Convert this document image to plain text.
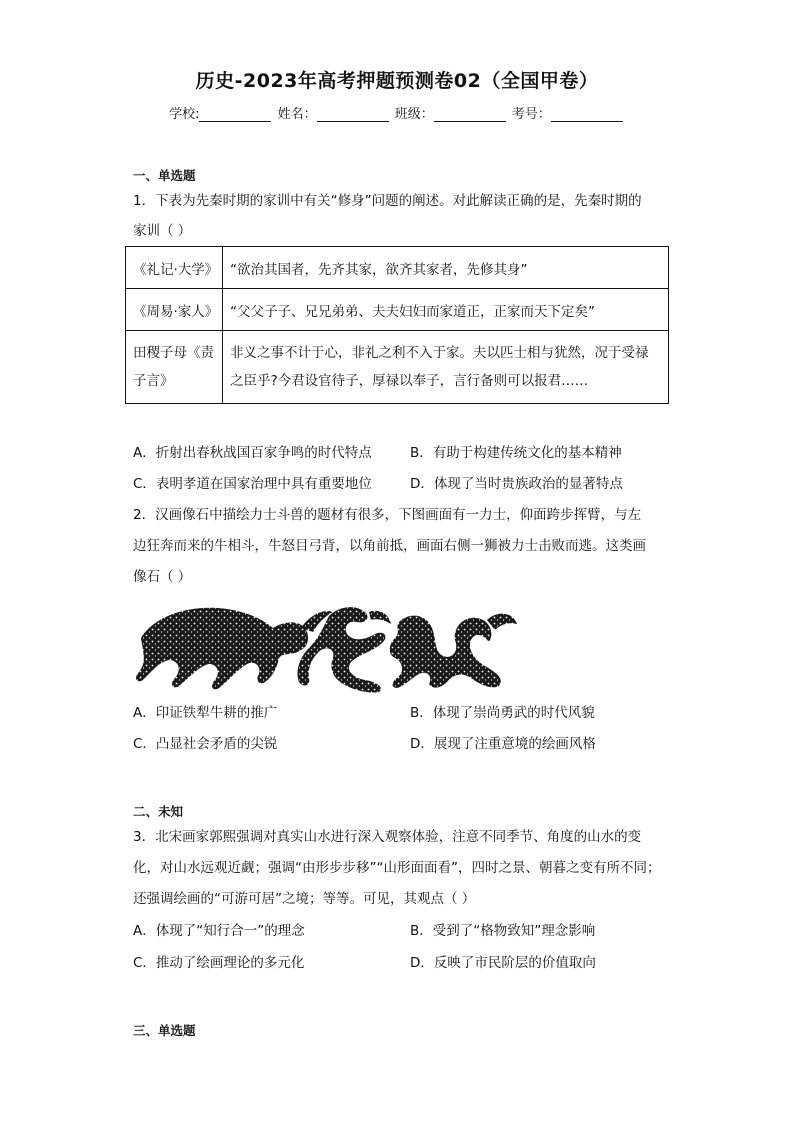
历史-2023年高考押题预测卷02（全国甲卷）
学校:	姓名：	班级：	考号：
一、单选题
1．下表为先秦时期的家训中有关“修身”问题的阐述。对此解读正确的是，先秦时期的
家训（ ）
《礼记·大学》	“欲治其国者，先齐其家，欲齐其家者，先修其身”
《周易·家人》	“父父子子、兄兄弟弟、夫夫妇妇而家道正，正家而天下定矣”
田稷子母《责子言》	非义之事不计于心，非礼之利不入于家。夫以匹士相与犹然，况于受禄之臣乎?今君设官待子，厚禄以奉子，言行备则可以报君……
A．折射出春秋战国百家争鸣的时代特点	B．有助于构建传统文化的基本精神
C．表明孝道在国家治理中具有重要地位	D．体现了当时贵族政治的显著特点
2．汉画像石中描绘力士斗兽的题材有很多，下图画面有一力士，仰面跨步挥臂，与左
边狂奔而来的牛相斗，牛怒目弓背，以角前抵，画面右侧一狮被力士击败而逃。这类画
像石（ ）
A．印证铁犁牛耕的推广	B．体现了崇尚勇武的时代风貌
C．凸显社会矛盾的尖锐	D．展现了注重意境的绘画风格
二、未知
3．北宋画家郭熙强调对真实山水进行深入观察体验，注意不同季节、角度的山水的变
化，对山水远观近觑；强调“由形步步移”“山形面面看”，四时之景、朝暮之变有所不同；
还强调绘画的“可游可居”之境；等等。可见，其观点（ ）
A．体现了“知行合一”的理念	B．受到了“格物致知”理念影响
C．推动了绘画理论的多元化	D．反映了市民阶层的价值取向
三、单选题
